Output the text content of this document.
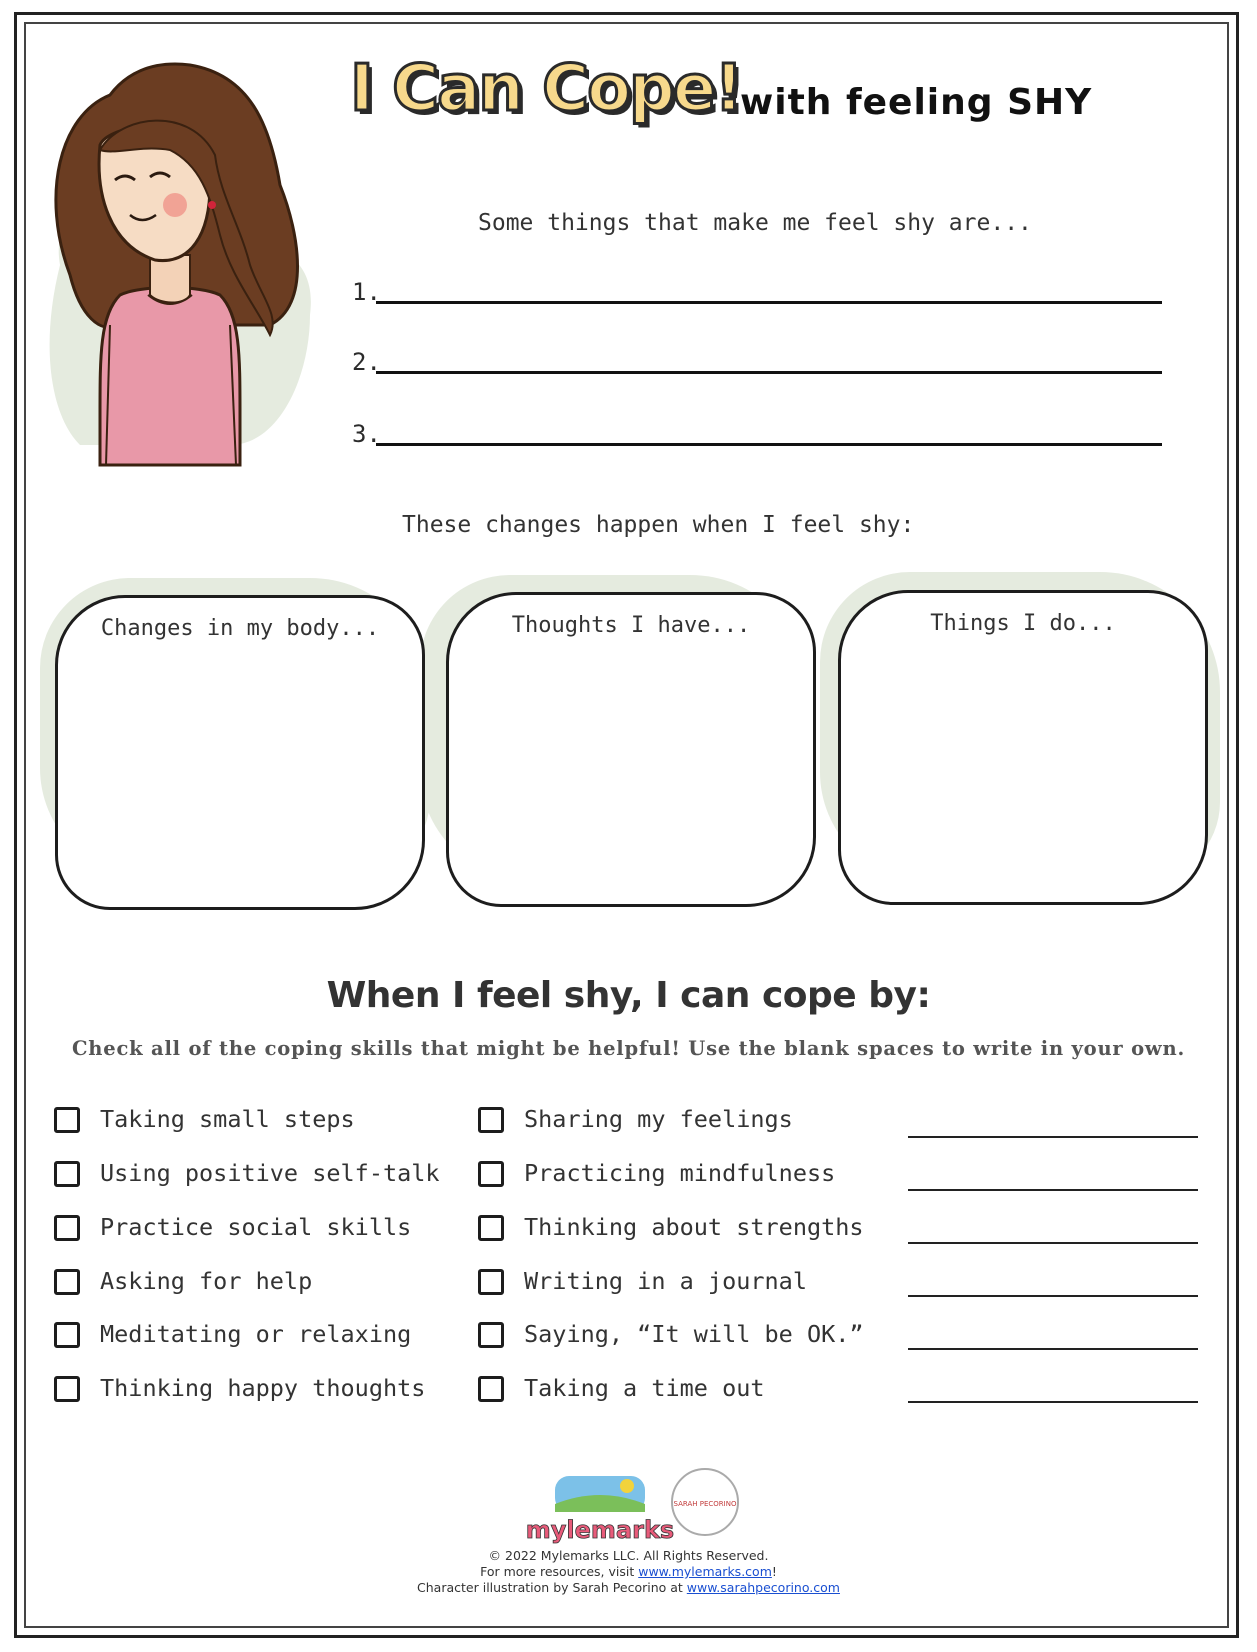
I Can Cope!
with feeling SHY
Some things that make me feel shy are...
1.
2.
3.
These changes happen when I feel shy:
Changes in my body...	Thoughts I have...	Things I do...
When I feel shy, I can cope by:
Check all of the coping skills that might be helpful! Use the blank spaces to write in your own.
Taking small steps
Using positive self-talk
Practice social skills
Asking for help
Meditating or relaxing
Thinking happy thoughts
Sharing my feelings
Practicing mindfulness
Thinking about strengths
Writing in a journal
Saying, “It will be OK.”
Taking a time out
mylemarks
SARAH PECORINO
© 2022 Mylemarks LLC. All Rights Reserved.
For more resources, visit www.mylemarks.com!
Character illustration by Sarah Pecorino at www.sarahpecorino.com
